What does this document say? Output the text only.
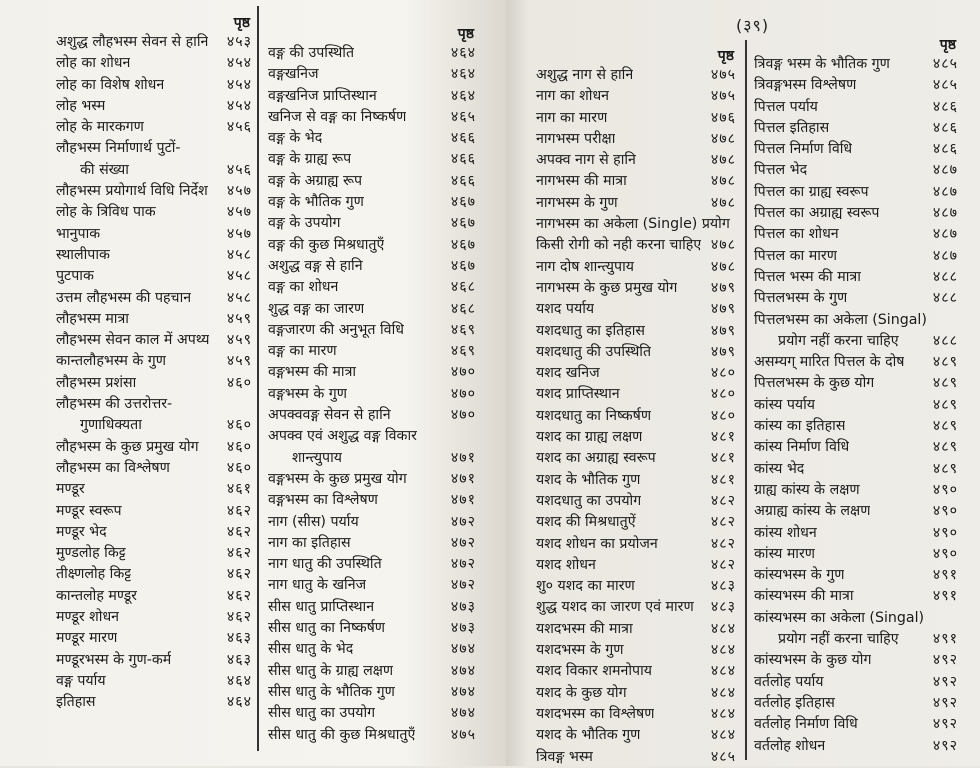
पृष्ठ
अशुद्ध लौहभस्म सेवन से हानि ४५३
लोह का शोधन	४५४
लोह का विशेष शोधन	४५४
लोह भस्म	४५४
लोह के मारकगण	४५६
लौहभस्म निर्माणार्थ पुटों-
की संख्या	४५६
लौहभस्म प्रयोगार्थ विधि निर्देश ४५७
लोह के त्रिविध पाक	४५७
भानुपाक	४५७
स्थालीपाक	४५८
पुटपाक	४५८
उत्तम लौहभस्म की पहचान	४५८
लौहभस्म मात्रा	४५९
लौहभस्म सेवन काल में अपथ्य ४५९
कान्तलौहभस्म के गुण	४५९
लौहभस्म प्रशंसा	४६०
लौहभस्म की उत्तरोत्तर-
गुणाधिक्यता	४६०
लौहभस्म के कुछ प्रमुख योग ४६०
लौहभस्म का विश्लेषण	४६०
मण्डूर	४६१
मण्डूर स्वरूप	४६२
मण्डूर भेद	४६२
मुण्डलोह किट्ट	४६२
तीक्ष्णलोह किट्ट	४६२
कान्तलोह मण्डूर	४६२
मण्डूर शोधन	४६२
मण्डूर मारण	४६३
मण्डूरभस्म के गुण-कर्म	४६३
वङ्ग पर्याय	४६४
इतिहास	४६४
पृष्ठ
वङ्ग की उपस्थिति	४६४
वङ्गखनिज	४६४
वङ्गखनिज प्राप्तिस्थान	४६४
खनिज से वङ्ग का निष्कर्षण	४६५
वङ्ग के भेद	४६६
वङ्ग के ग्राह्य रूप	४६६
वङ्ग के अग्राह्य रूप	४६६
वङ्ग के भौतिक गुण	४६७
वङ्ग के उपयोग	४६७
वङ्ग की कुछ मिश्रधातुएँ	४६७
अशुद्ध वङ्ग से हानि	४६७
वङ्ग का शोधन	४६८
शुद्ध वङ्ग का जारण	४६८
वङ्गजारण की अनुभूत विधि	४६९
वङ्ग का मारण	४६९
वङ्गभस्म की मात्रा	४७०
वङ्गभस्म के गुण	४७०
अपक्ववङ्ग सेवन से हानि	४७०
अपक्व एवं अशुद्ध वङ्ग विकार
शान्त्युपाय	४७१
वङ्गभस्म के कुछ प्रमुख योग	४७१
वङ्गभस्म का विश्लेषण	४७१
नाग (सीस) पर्याय	४७२
नाग का इतिहास	४७२
नाग धातु की उपस्थिति	४७२
नाग धातु के खनिज	४७२
सीस धातु प्राप्तिस्थान	४७३
सीस धातु का निष्कर्षण	४७३
सीस धातु के भेद	४७४
सीस धातु के ग्राह्य लक्षण	४७४
सीस धातु के भौतिक गुण	४७४
सीस धातु का उपयोग	४७४
सीस धातु की कुछ मिश्रधातुएँ	४७५
(३९)
पृष्ठ
अशुद्ध नाग से हानि	४७५
नाग का शोधन	४७५
नाग का मारण	४७६
नागभस्म परीक्षा	४७८
अपक्व नाग से हानि	४७८
नागभस्म की मात्रा	४७८
नागभस्म के गुण	४७८
नागभस्म का अकेला (Single) प्रयोग
किसी रोगी को नही करना चाहिए ४७८
नाग दोष शान्त्युपाय	४७८
नागभस्म के कुछ प्रमुख योग ४७९
यशद पर्याय	४७९
यशदधातु का इतिहास	४७९
यशदधातु की उपस्थिति	४७९
यशद खनिज	४८०
यशद प्राप्तिस्थान	४८०
यशदधातु का निष्कर्षण	४८०
यशद का ग्राह्य लक्षण	४८१
यशद का अग्राह्य स्वरूप	४८१
यशद के भौतिक गुण	४८१
यशदधातु का उपयोग	४८२
यशद की मिश्रधातुऐं	४८२
यशद शोधन का प्रयोजन	४८२
यशद शोधन	४८२
शु० यशद का मारण	४८३
शुद्ध यशद का जारण एवं मारण ४८३
यशदभस्म की मात्रा	४८४
यशदभस्म के गुण	४८४
यशद विकार शमनोपाय	४८४
यशद के कुछ योग	४८४
यशदभस्म का विश्लेषण	४८४
यशद के भौतिक गुण	४८४
त्रिवङ्ग भस्म	४८५
पृष्ठ
त्रिवङ्ग भस्म के भौतिक गुण	४८५
त्रिवङ्गभस्म विश्लेषण	४८५
पित्तल पर्याय	४८६
पित्तल इतिहास	४८६
पित्तल निर्माण विधि	४८६
पित्तल भेद	४८७
पित्तल का ग्राह्य स्वरूप	४८७
पित्तल का अग्राह्य स्वरूप	४८७
पित्तल का शोधन	४८७
पित्तल का मारण	४८७
पित्तल भस्म की मात्रा	४८८
पित्तलभस्म के गुण	४८८
पित्तलभस्म का अकेला (Singal)
प्रयोग नहीं करना चाहिए ४८८
असम्यग् मारित पित्तल के दोष ४८९
पित्तलभस्म के कुछ योग	४८९
कांस्य पर्याय	४८९
कांस्य का इतिहास	४८९
कांस्य निर्माण विधि	४८९
कांस्य भेद	४८९
ग्राह्य कांस्य के लक्षण	४९०
अग्राह्य कांस्य के लक्षण	४९०
कांस्य शोधन	४९०
कांस्य मारण	४९०
कांस्यभस्म के गुण	४९१
कांस्यभस्म की मात्रा	४९१
कांस्यभस्म का अकेला (Singal)
प्रयोग नहीं करना चाहिए ४९१
कांस्यभस्म के कुछ योग	४९२
वर्तलोह पर्याय	४९२
वर्तलोह इतिहास	४९२
वर्तलोह निर्माण विधि	४९२
वर्तलोह शोधन	४९२
